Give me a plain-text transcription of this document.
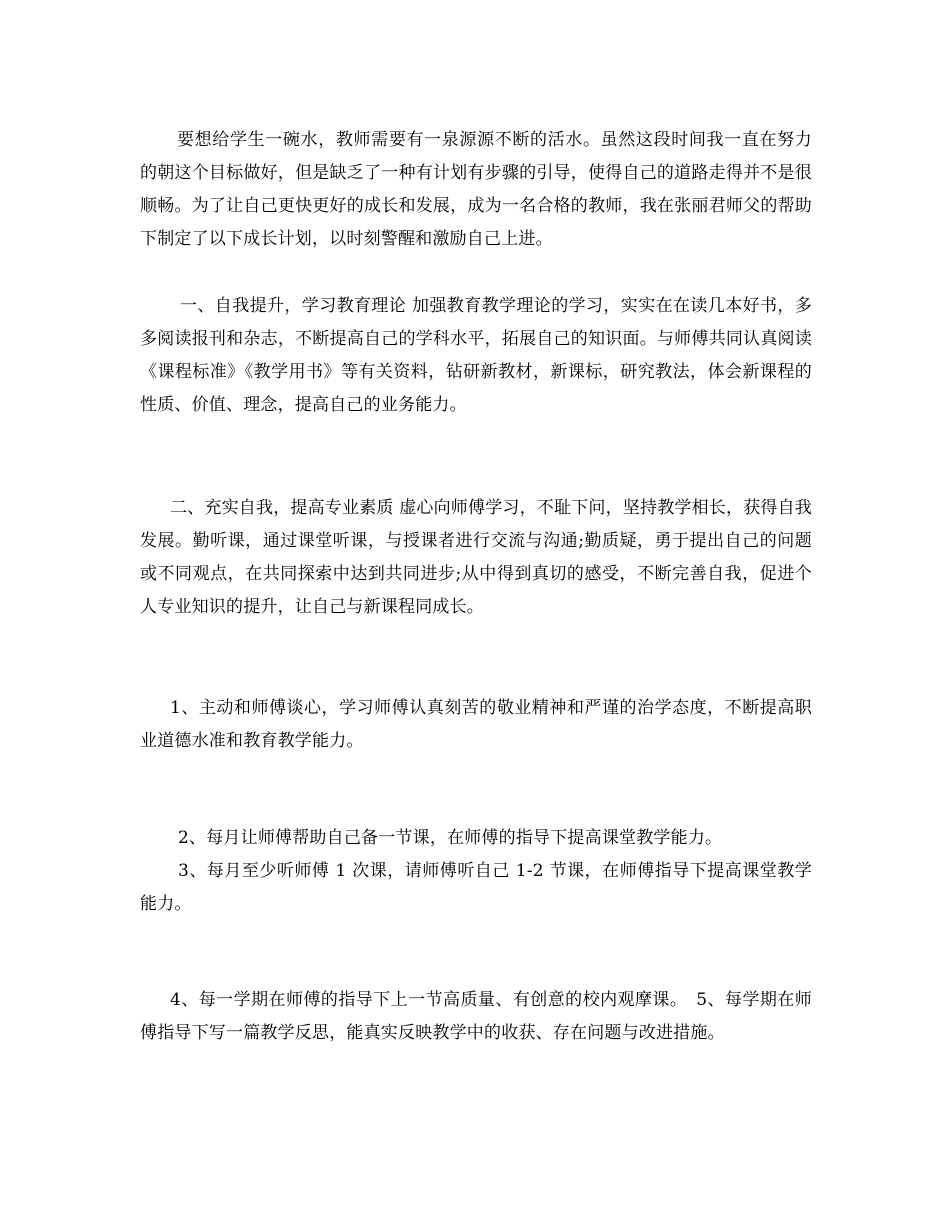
要想给学生一碗水，教师需要有一泉源源不断的活水。虽然这段时间我一直在努力的朝这个目标做好，但是缺乏了一种有计划有步骤的引导，使得自己的道路走得并不是很顺畅。为了让自己更快更好的成长和发展，成为一名合格的教师，我在张丽君师父的帮助下制定了以下成长计划，以时刻警醒和激励自己上进。

一、自我提升，学习教育理论 加强教育教学理论的学习，实实在在读几本好书，多多阅读报刊和杂志，不断提高自己的学科水平，拓展自己的知识面。与师傅共同认真阅读《课程标准》《教学用书》等有关资料，钻研新教材，新课标，研究教法，体会新课程的性质、价值、理念，提高自己的业务能力。

二、充实自我，提高专业素质 虚心向师傅学习，不耻下问，坚持教学相长，获得自我发展。勤听课，通过课堂听课，与授课者进行交流与沟通;勤质疑，勇于提出自己的问题或不同观点，在共同探索中达到共同进步;从中得到真切的感受，不断完善自我，促进个人专业知识的提升，让自己与新课程同成长。

1、主动和师傅谈心，学习师傅认真刻苦的敬业精神和严谨的治学态度，不断提高职业道德水准和教育教学能力。

2、每月让师傅帮助自己备一节课，在师傅的指导下提高课堂教学能力。

3、每月至少听师傅 1 次课，请师傅听自己 1-2 节课，在师傅指导下提高课堂教学能力。

4、每一学期在师傅的指导下上一节高质量、有创意的校内观摩课。　5、每学期在师傅指导下写一篇教学反思，能真实反映教学中的收获、存在问题与改进措施。
